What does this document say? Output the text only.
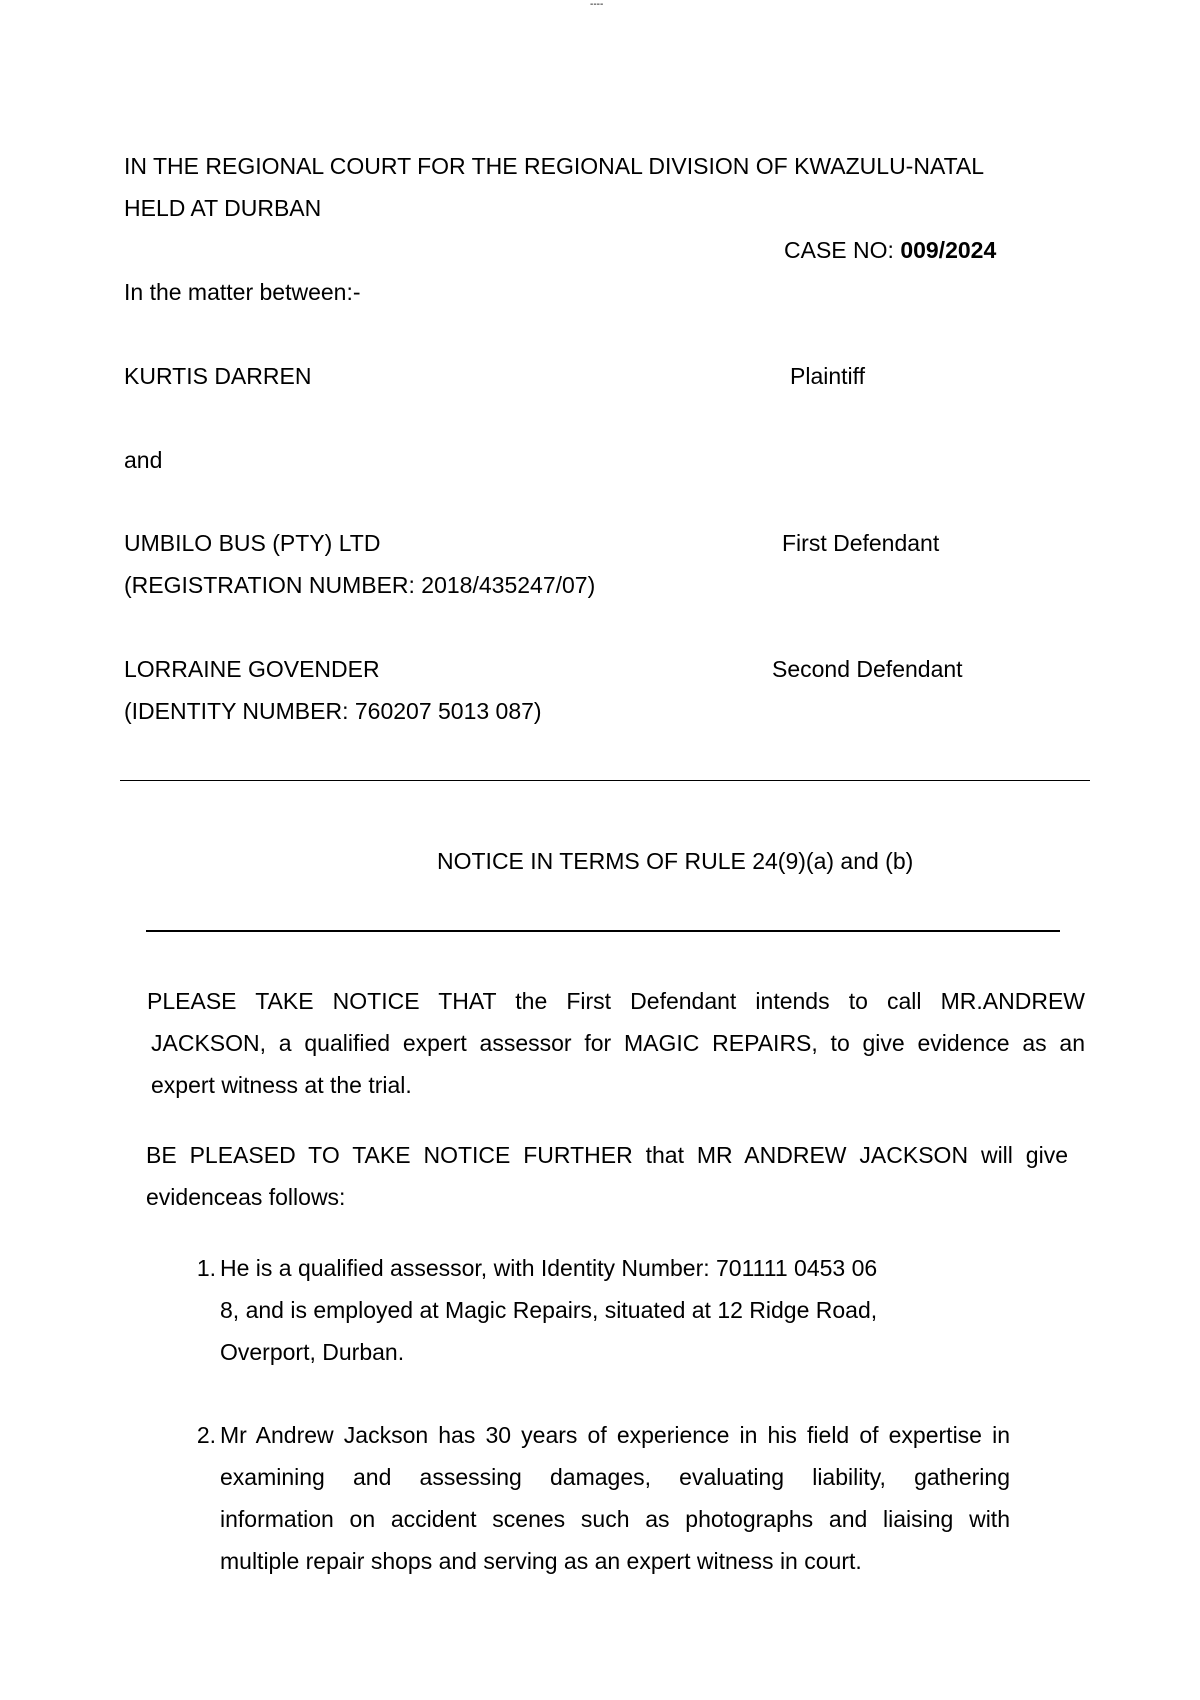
----
IN THE REGIONAL COURT FOR THE REGIONAL DIVISION OF KWAZULU-NATAL
HELD AT DURBAN
CASE NO: 009/2024
In the matter between:-
KURTIS DARREN	Plaintiff
and
UMBILO BUS (PTY) LTD	First Defendant
(REGISTRATION NUMBER: 2018/435247/07)
LORRAINE GOVENDER	Second Defendant
(IDENTITY NUMBER: 760207 5013 087)
NOTICE IN TERMS OF RULE 24(9)(a) and (b)
PLEASE TAKE NOTICE THAT the First Defendant intends to call MR.ANDREW
JACKSON, a qualified expert assessor for MAGIC REPAIRS, to give evidence as an
expert witness at the trial.
BE PLEASED TO TAKE NOTICE FURTHER that MR ANDREW JACKSON will give
evidenceas follows:
1. He is a qualified assessor, with Identity Number: 701111 0453 06
8, and is employed at Magic Repairs, situated at 12 Ridge Road,
Overport, Durban.
2. Mr Andrew Jackson has 30 years of experience in his field of expertise in
examining and assessing damages, evaluating liability, gathering
information on accident scenes such as photographs and liaising with
multiple repair shops and serving as an expert witness in court.
